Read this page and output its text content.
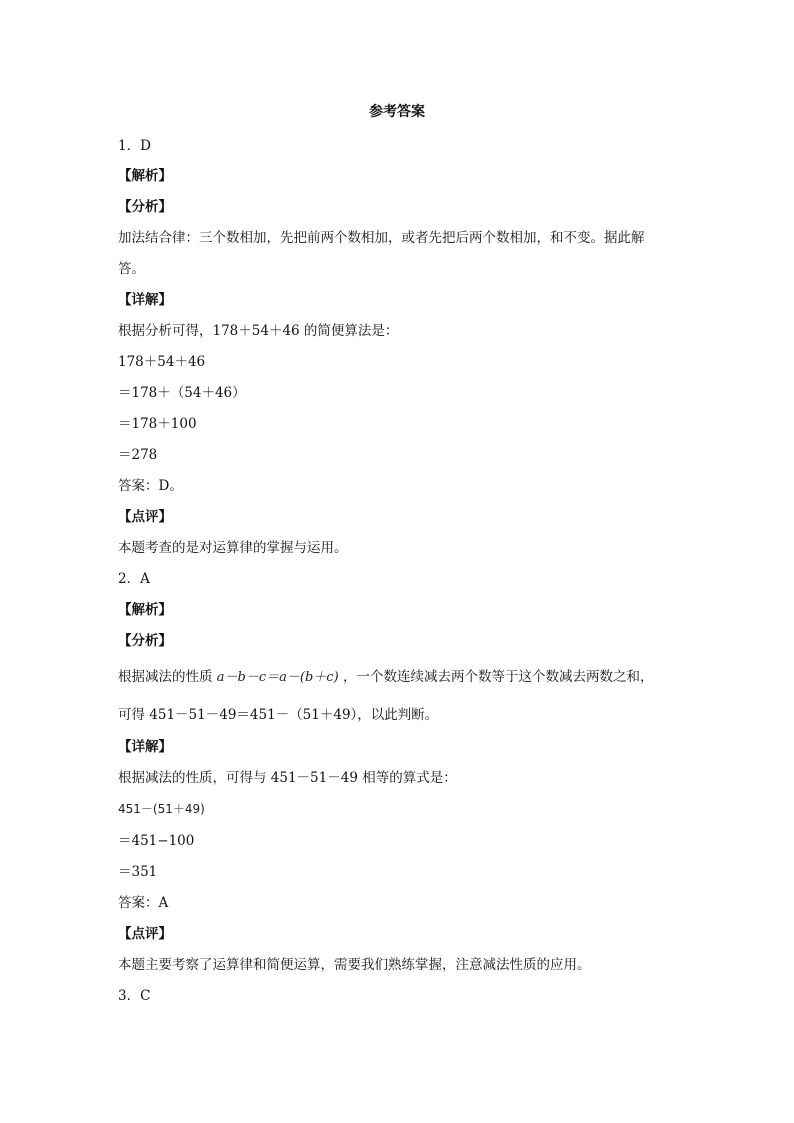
参考答案
1．D
【解析】
【分析】
加法结合律：三个数相加，先把前两个数相加，或者先把后两个数相加，和不变。据此解答。
【详解】
根据分析可得，178＋54＋46 的简便算法是：
178＋54＋46
＝178＋（54＋46）
＝178＋100
＝278
答案：D。
【点评】
本题考查的是对运算律的掌握与运用。
2．A
【解析】
【分析】
根据减法的性质 a－b－c＝a－(b＋c) ，一个数连续减去两个数等于这个数减去两数之和，
可得 451－51－49＝451－（51＋49），以此判断。
【详解】
根据减法的性质，可得与 451－51－49 相等的算式是：
451－(51＋49)
＝451−100
＝351
答案：A
【点评】
本题主要考察了运算律和简便运算，需要我们熟练掌握，注意减法性质的应用。
3．C
